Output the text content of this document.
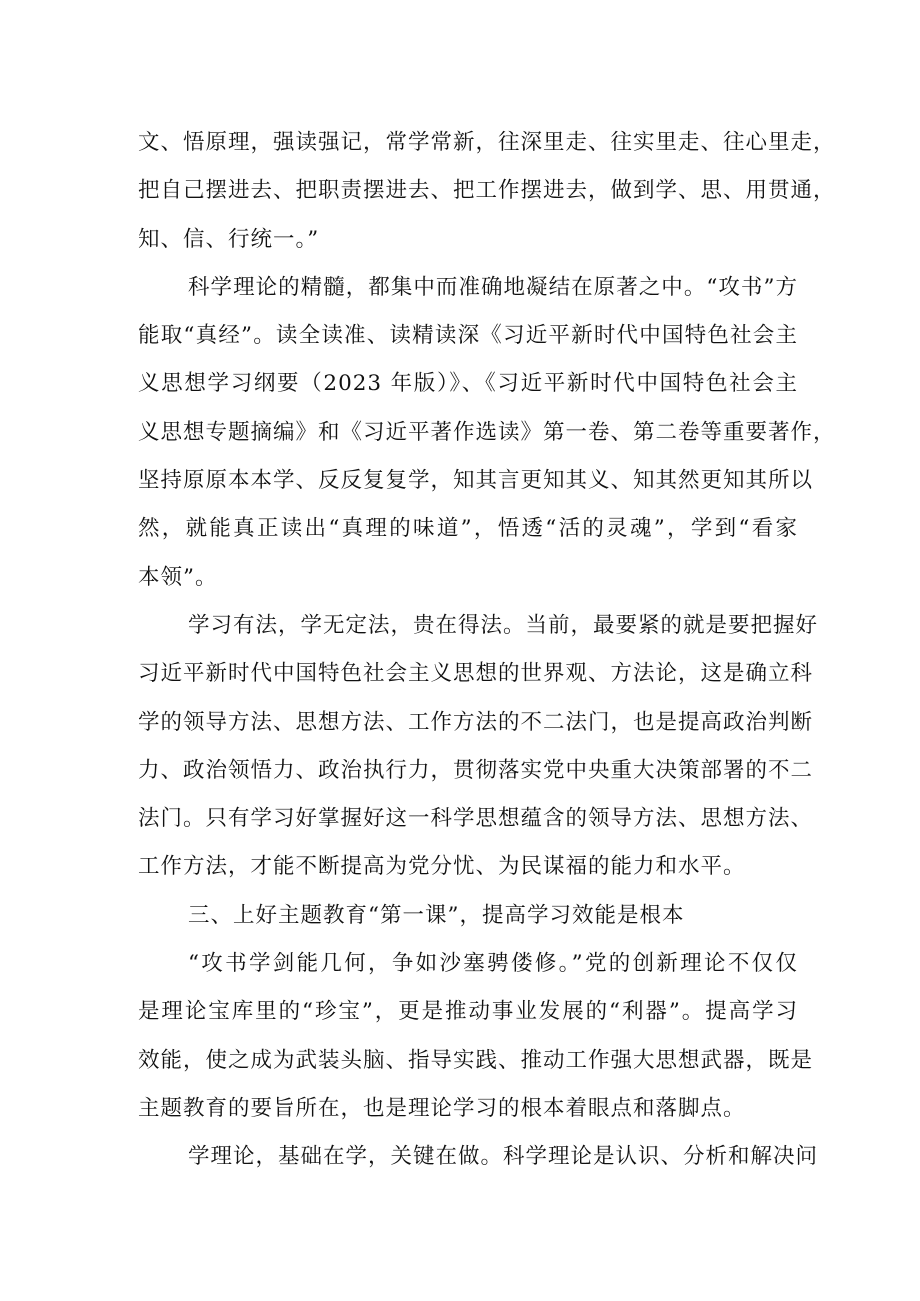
文、悟原理，强读强记，常学常新，往深里走、往实里走、往心里走，
把自己摆进去、把职责摆进去、把工作摆进去，做到学、思、用贯通，
知、信、行统一。”
科学理论的精髓，都集中而准确地凝结在原著之中。“攻书”方
能取“真经”。读全读准、读精读深《习近平新时代中国特色社会主
义思想学习纲要（2023 年版）》、《习近平新时代中国特色社会主
义思想专题摘编》和《习近平著作选读》第一卷、第二卷等重要著作，
坚持原原本本学、反反复复学，知其言更知其义、知其然更知其所以
然，就能真正读出“真理的味道”，悟透“活的灵魂”，学到“看家
本领”。
学习有法，学无定法，贵在得法。当前，最要紧的就是要把握好
习近平新时代中国特色社会主义思想的世界观、方法论，这是确立科
学的领导方法、思想方法、工作方法的不二法门，也是提高政治判断
力、政治领悟力、政治执行力，贯彻落实党中央重大决策部署的不二
法门。只有学习好掌握好这一科学思想蕴含的领导方法、思想方法、
工作方法，才能不断提高为党分忧、为民谋福的能力和水平。
三、上好主题教育“第一课”，提高学习效能是根本
“攻书学剑能几何，争如沙塞骋偻修。”党的创新理论不仅仅
是理论宝库里的“珍宝”，更是推动事业发展的“利器”。提高学习
效能，使之成为武装头脑、指导实践、推动工作强大思想武器，既是
主题教育的要旨所在，也是理论学习的根本着眼点和落脚点。
学理论，基础在学，关键在做。科学理论是认识、分析和解决问
